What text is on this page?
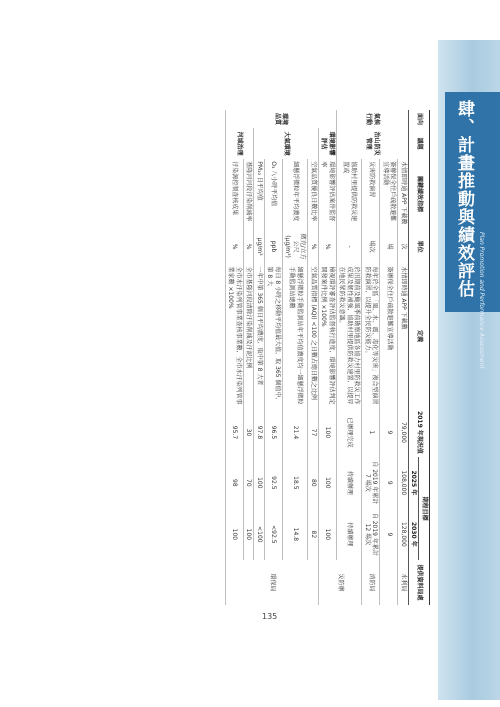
肆、計畫推動與績效評估
Plan Promotion and Performance Assessment
面向	議題	關鍵績效指標	單位	定義	2019 年現況值	期程目標		提供資料局處
						2025 年	2030 年	
氣候行動	治山防災管理	水情即時通 APP 下載數	次	水情即時通 APP 下載數	79,000	108,000	128,000	水利局
		簽辦保全住戶疏散避難宣導活動	場	簽辦保全住戶疏散避難宣導活動	9	9	9	
		災害防救演習	場次	每年於全區「風、水、震、毒化等災害」複合型演習防救演習，以提升全民防災能力。	1	自 2019 年累計 7 場次	自 2019 年累計 12 場次	消防局
		協助村里提供防救災建置或	-	於汛期前及颱風季前勘察地區各協力村里防救災工作成果及韌性補強，協助村里提供防救災建置，以提昇在地民眾防救災意識。	已辦理完成	持續辦理	持續辦理	災防辦
環境品質	環境影響評估	環境影響評估案件監督率	%	檢視環評審查評估監督執行進度，環境影響評估判定開發案件比例 ×100%	100	100	100	
	大氣環境	空氣品質優良日數比率	%	空氣品質指標 (AQI) <100 之日數占總日數之比例	77	80	82	環保局
		細懸浮微粒年平均濃度	微克/立方公尺(μg/m³)	細懸浮微粒手動監測站年平均值濃度均一細懸浮微粒手動監測站總數	21.4	18.5	14.8	
		O₃ 八小時平均值	ppb	每日 8 小時之移動平均值最大值，取 365 個值中，第 8 大	96.5	92.5	<92.5	
		PM₁₀ 日平均值	μg/m³	一年中第 365 個日平均濃度，取中第 8 大者	97.8	100	<100	
	河域治理	基隆河河段汙染削減率	%	全市基隆河段清除汙染削減及汙泥比例	30	70	100	
		汙染源控制查核成果	%	全市水汙染列管事業查核事業數，全市水汙染列管事業家數 ×100%	95.7	98	100	
135
